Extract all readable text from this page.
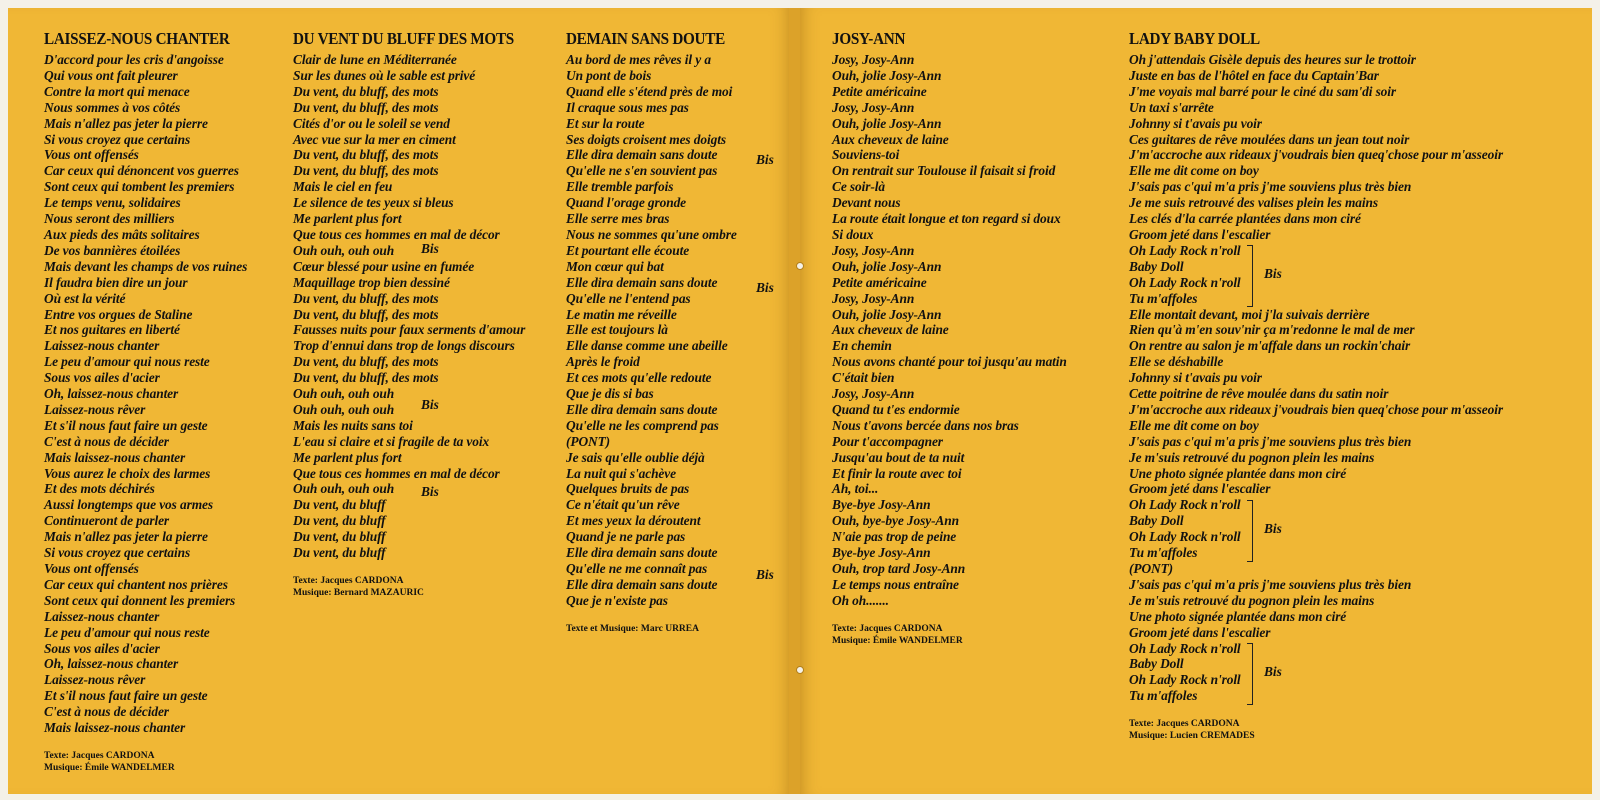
LAISSEZ-NOUS CHANTER
D'accord pour les cris d'angoisse
Qui vous ont fait pleurer
Contre la mort qui menace
Nous sommes à vos côtés
Mais n'allez pas jeter la pierre
Si vous croyez que certains
Vous ont offensés
Car ceux qui dénoncent vos guerres
Sont ceux qui tombent les premiers
Le temps venu, solidaires
Nous seront des milliers
Aux pieds des mâts solitaires
De vos bannières étoilées
Mais devant les champs de vos ruines
Il faudra bien dire un jour
Où est la vérité
Entre vos orgues de Staline
Et nos guitares en liberté
Laissez-nous chanter
Le peu d'amour qui nous reste
Sous vos ailes d'acier
Oh, laissez-nous chanter
Laissez-nous rêver
Et s'il nous faut faire un geste
C'est à nous de décider
Mais laissez-nous chanter
Vous aurez le choix des larmes
Et des mots déchirés
Aussi longtemps que vos armes
Continueront de parler
Mais n'allez pas jeter la pierre
Si vous croyez que certains
Vous ont offensés
Car ceux qui chantent nos prières
Sont ceux qui donnent les premiers
Laissez-nous chanter
Le peu d'amour qui nous reste
Sous vos ailes d'acier
Oh, laissez-nous chanter
Laissez-nous rêver
Et s'il nous faut faire un geste
C'est à nous de décider
Mais laissez-nous chanter
Texte: Jacques CARDONA
Musique: Émile WANDELMER
DU VENT DU BLUFF DES MOTS
Clair de lune en Méditerranée
Sur les dunes où le sable est privé
Du vent, du bluff, des mots
Du vent, du bluff, des mots
Cités d'or ou le soleil se vend
Avec vue sur la mer en ciment
Du vent, du bluff, des mots
Du vent, du bluff, des mots
Mais le ciel en feu
Le silence de tes yeux si bleus
Me parlent plus fort
Que tous ces hommes en mal de décor
Ouh ouh, ouh ouh
Cœur blessé pour usine en fumée
Maquillage trop bien dessiné
Du vent, du bluff, des mots
Du vent, du bluff, des mots
Fausses nuits pour faux serments d'amour
Trop d'ennui dans trop de longs discours
Du vent, du bluff, des mots
Du vent, du bluff, des mots
Ouh ouh, ouh ouh
Ouh ouh, ouh ouh
Mais les nuits sans toi
L'eau si claire et si fragile de ta voix
Me parlent plus fort
Que tous ces hommes en mal de décor
Ouh ouh, ouh ouh
Du vent, du bluff
Du vent, du bluff
Du vent, du bluff
Du vent, du bluff
Texte: Jacques CARDONA
Musique: Bernard MAZAURIC
Bis
Bis
Bis
DEMAIN SANS DOUTE
Au bord de mes rêves il y a
Un pont de bois
Quand elle s'étend près de moi
Il craque sous mes pas
Et sur la route
Ses doigts croisent mes doigts
Elle dira demain sans doute
Qu'elle ne s'en souvient pas
Elle tremble parfois
Quand l'orage gronde
Elle serre mes bras
Nous ne sommes qu'une ombre
Et pourtant elle écoute
Mon cœur qui bat
Elle dira demain sans doute
Qu'elle ne l'entend pas
Le matin me réveille
Elle est toujours là
Elle danse comme une abeille
Après le froid
Et ces mots qu'elle redoute
Que je dis si bas
Elle dira demain sans doute
Qu'elle ne les comprend pas
(PONT)
Je sais qu'elle oublie déjà
La nuit qui s'achève
Quelques bruits de pas
Ce n'était qu'un rêve
Et mes yeux la déroutent
Quand je ne parle pas
Elle dira demain sans doute
Qu'elle ne me connaît pas
Elle dira demain sans doute
Que je n'existe pas
Texte et Musique: Marc URREA
Bis
Bis
Bis
JOSY-ANN
Josy, Josy-Ann
Ouh, jolie Josy-Ann
Petite américaine
Josy, Josy-Ann
Ouh, jolie Josy-Ann
Aux cheveux de laine
Souviens-toi
On rentrait sur Toulouse il faisait si froid
Ce soir-là
Devant nous
La route était longue et ton regard si doux
Si doux
Josy, Josy-Ann
Ouh, jolie Josy-Ann
Petite américaine
Josy, Josy-Ann
Ouh, jolie Josy-Ann
Aux cheveux de laine
En chemin
Nous avons chanté pour toi jusqu'au matin
C'était bien
Josy, Josy-Ann
Quand tu t'es endormie
Nous t'avons bercée dans nos bras
Pour t'accompagner
Jusqu'au bout de ta nuit
Et finir la route avec toi
Ah, toi...
Bye-bye Josy-Ann
Ouh, bye-bye Josy-Ann
N'aie pas trop de peine
Bye-bye Josy-Ann
Ouh, trop tard Josy-Ann
Le temps nous entraîne
Oh oh.......
Texte: Jacques CARDONA
Musique: Émile WANDELMER
LADY BABY DOLL
Oh j'attendais Gisèle depuis des heures sur le trottoir
Juste en bas de l'hôtel en face du Captain'Bar
J'me voyais mal barré pour le ciné du sam'di soir
Un taxi s'arrête
Johnny si t'avais pu voir
Ces guitares de rêve moulées dans un jean tout noir
J'm'accroche aux rideaux j'voudrais bien queq'chose pour m'asseoir
Elle me dit come on boy
J'sais pas c'qui m'a pris j'me souviens plus très bien
Je me suis retrouvé des valises plein les mains
Les clés d'la carrée plantées dans mon ciré
Groom jeté dans l'escalier
Oh Lady Rock n'roll
Baby Doll
Oh Lady Rock n'roll
Tu m'affoles
Elle montait devant, moi j'la suivais derrière
Rien qu'à m'en souv'nir ça m'redonne le mal de mer
On rentre au salon je m'affale dans un rockin'chair
Elle se déshabille
Johnny si t'avais pu voir
Cette poitrine de rêve moulée dans du satin noir
J'm'accroche aux rideaux j'voudrais bien queq'chose pour m'asseoir
Elle me dit come on boy
J'sais pas c'qui m'a pris j'me souviens plus très bien
Je m'suis retrouvé du pognon plein les mains
Une photo signée plantée dans mon ciré
Groom jeté dans l'escalier
Oh Lady Rock n'roll
Baby Doll
Oh Lady Rock n'roll
Tu m'affoles
(PONT)
J'sais pas c'qui m'a pris j'me souviens plus très bien
Je m'suis retrouvé du pognon plein les mains
Une photo signée plantée dans mon ciré
Groom jeté dans l'escalier
Oh Lady Rock n'roll
Baby Doll
Oh Lady Rock n'roll
Tu m'affoles
Texte: Jacques CARDONA
Musique: Lucien CREMADES
Bis
Bis
Bis
